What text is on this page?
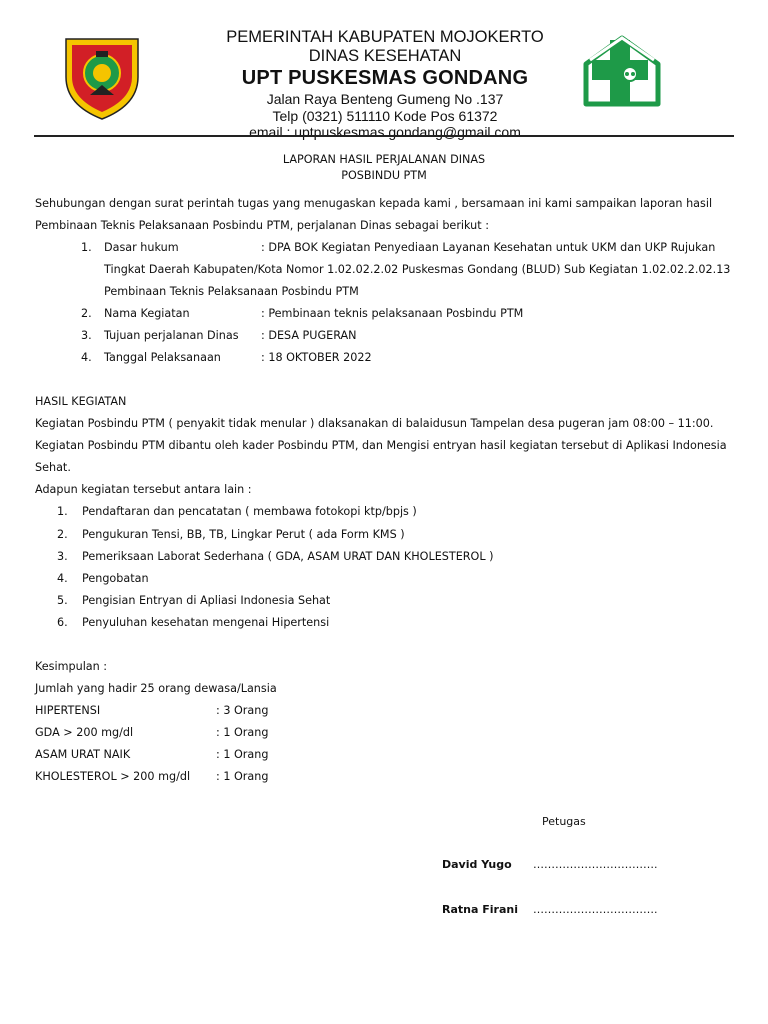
PEMERINTAH KABUPATEN MOJOKERTO
DINAS KESEHATAN
UPT PUSKESMAS GONDANG
Jalan Raya Benteng Gumeng No .137
Telp (0321) 511110 Kode Pos 61372
email : uptpuskesmas.gondang@gmail.com
LAPORAN HASIL PERJALANAN DINAS
POSBINDU PTM
Sehubungan dengan surat perintah tugas yang menugaskan kepada kami , bersamaan ini kami sampaikan laporan hasil
Pembinaan Teknis Pelaksanaan Posbindu PTM, perjalanan Dinas sebagai berikut :
1. Dasar hukum	: DPA BOK Kegiatan Penyediaan Layanan Kesehatan untuk UKM dan UKP Rujukan
Tingkat Daerah Kabupaten/Kota Nomor 1.02.02.2.02 Puskesmas Gondang (BLUD) Sub Kegiatan 1.02.02.2.02.13
Pembinaan Teknis Pelaksanaan Posbindu PTM
2. Nama Kegiatan	: Pembinaan teknis pelaksanaan Posbindu PTM
3. Tujuan perjalanan Dinas : DESA PUGERAN
4. Tanggal Pelaksanaan	: 18 OKTOBER 2022
HASIL KEGIATAN
Kegiatan Posbindu PTM ( penyakit tidak menular ) dlaksanakan di balaidusun Tampelan desa pugeran jam 08:00 – 11:00.
Kegiatan Posbindu PTM dibantu oleh kader Posbindu PTM, dan Mengisi entryan hasil kegiatan tersebut di Aplikasi Indonesia
Sehat.
Adapun kegiatan tersebut antara lain :
1. Pendaftaran dan pencatatan ( membawa fotokopi ktp/bpjs )
2. Pengukuran Tensi, BB, TB, Lingkar Perut ( ada Form KMS )
3. Pemeriksaan Laborat Sederhana ( GDA, ASAM URAT DAN KHOLESTEROL )
4. Pengobatan
5. Pengisian Entryan di Apliasi Indonesia Sehat
6. Penyuluhan kesehatan mengenai Hipertensi
Kesimpulan :
Jumlah yang hadir 25 orang dewasa/Lansia
HIPERTENSI	: 3 Orang
GDA > 200 mg/dl	: 1 Orang
ASAM URAT NAIK	: 1 Orang
KHOLESTEROL > 200 mg/dl : 1 Orang
Petugas
David Yugo …………………………….
Ratna Firani …………………………….
